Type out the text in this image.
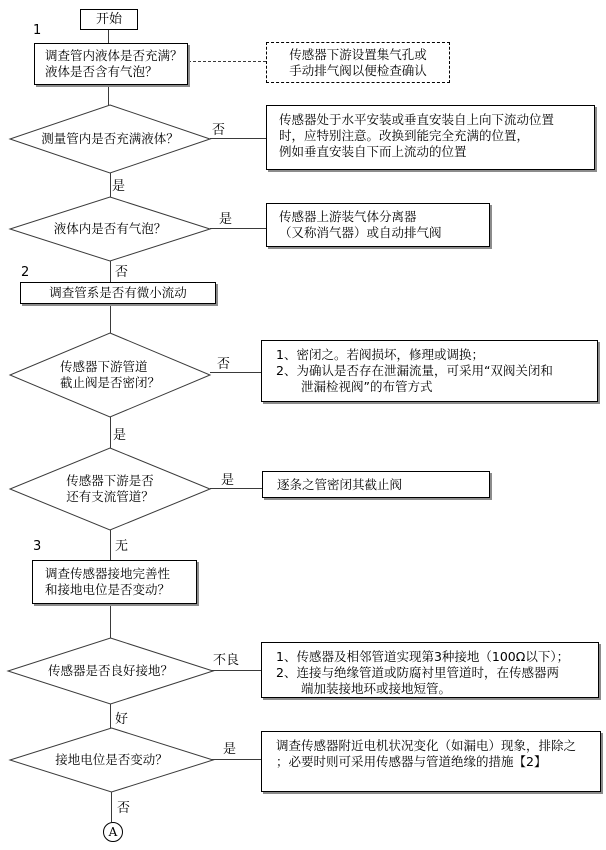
开始
1
2
3
调查管内液体是否充满？
液体是否含有气泡？
传感器下游设置集气孔或
手动排气阀以便检查确认
测量管内是否充满液体？
传感器处于水平安装或垂直安装自上向下流动位置
时，应特别注意。改换到能完全充满的位置，
例如垂直安装自下而上流动的位置
液体内是否有气泡？
传感器上游装气体分离器
（又称消气器）或自动排气阀
调查管系是否有微小流动
传感器下游管道
截止阀是否密闭？
1、密闭之。若阀损坏，修理或调换；
2、为确认是否存在泄漏流量，可采用“双阀关闭和
泄漏检视阀”的布管方式
传感器下游是否
还有支流管道？
逐条之管密闭其截止阀
调查传感器接地完善性
和接地电位是否变动？
传感器是否良好接地？
1、传感器及相邻管道实现第3种接地（100Ω以下）；
2、连接与绝缘管道或防腐衬里管道时，在传感器两
端加装接地环或接地短管。
接地电位是否变动？
调查传感器附近电机状况变化（如漏电）现象，排除之
；必要时则可采用传感器与管道绝缘的措施【2】
否
是
是
否
否
是
是
无
不良
好
是
否
A
